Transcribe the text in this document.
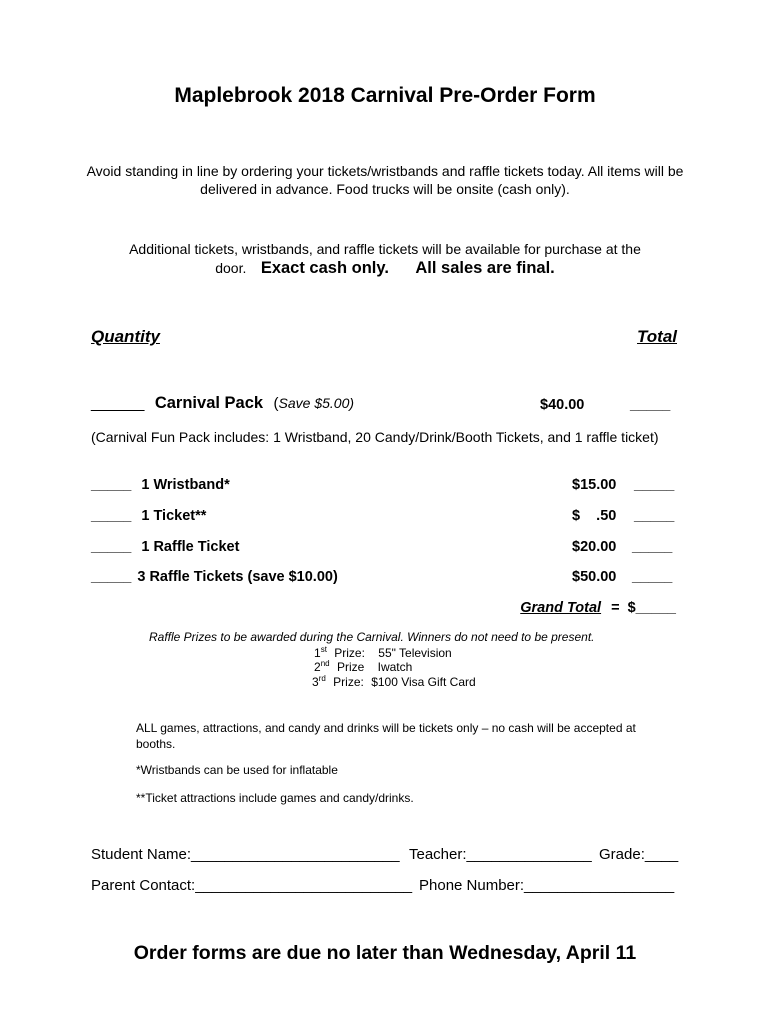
Maplebrook 2018 Carnival Pre-Order Form
Avoid standing in line by ordering your tickets/wristbands and raffle tickets today. All items will be delivered in advance. Food trucks will be onsite (cash only).
Additional tickets, wristbands, and raffle tickets will be available for purchase at the
door. Exact cash only. All sales are final.
Quantity	Total
______ Carnival Pack (Save $5.00)	$40.00	_____
(Carnival Fun Pack includes: 1 Wristband, 20 Candy/Drink/Booth Tickets, and 1 raffle ticket)
_____ 1 Wristband*	$15.00 _____
_____ 1 Ticket**	$    .50 _____
_____ 1 Raffle Ticket	$20.00 _____
_____ 3 Raffle Tickets (save $10.00)	$50.00 _____
Grand Total = $_____
Raffle Prizes to be awarded during the Carnival. Winners do not need to be present.
1st Prize: 55" Television
2nd Prize Iwatch
3rd Prize: $100 Visa Gift Card
ALL games, attractions, and candy and drinks will be tickets only – no cash will be accepted at booths.
*Wristbands can be used for inflatable
**Ticket attractions include games and candy/drinks.
Student Name:_________________________ Teacher:_______________ Grade:____
Parent Contact:__________________________ Phone Number:__________________
Order forms are due no later than Wednesday, April 11
